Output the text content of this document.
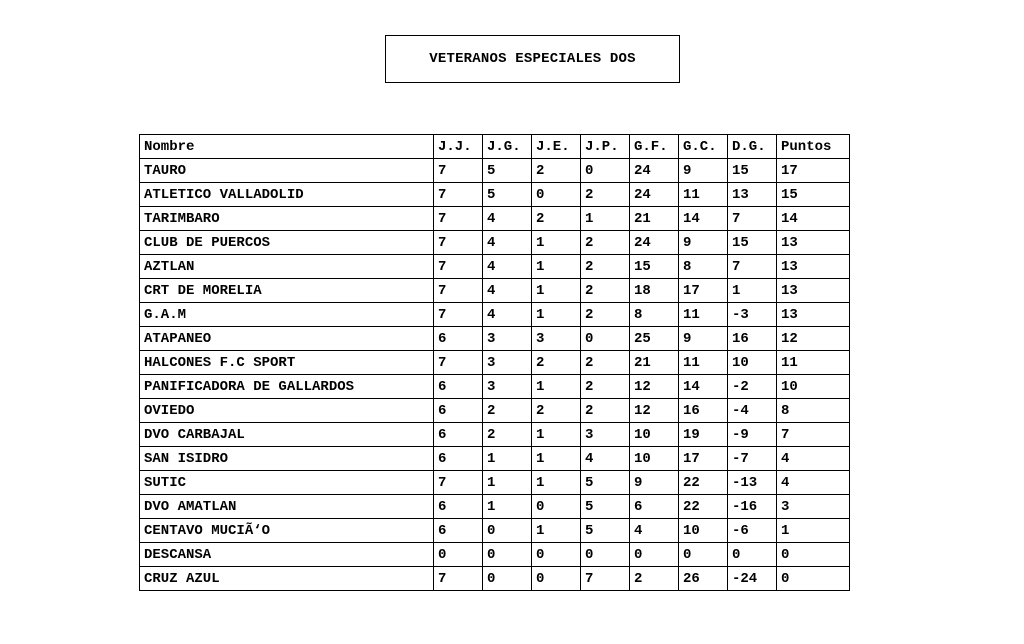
VETERANOS ESPECIALES DOS
Nombre	J.J.	J.G.	J.E.	J.P.	G.F.	G.C.	D.G.	Puntos
TAURO	7	5	2	0	24	9	15	17
ATLETICO VALLADOLID	7	5	0	2	24	11	13	15
TARIMBARO	7	4	2	1	21	14	7	14
CLUB DE PUERCOS	7	4	1	2	24	9	15	13
AZTLAN	7	4	1	2	15	8	7	13
CRT DE MORELIA	7	4	1	2	18	17	1	13
G.A.M	7	4	1	2	8	11	-3	13
ATAPANEO	6	3	3	0	25	9	16	12
HALCONES F.C SPORT	7	3	2	2	21	11	10	11
PANIFICADORA DE GALLARDOS	6	3	1	2	12	14	-2	10
OVIEDO	6	2	2	2	12	16	-4	8
DVO CARBAJAL	6	2	1	3	10	19	-9	7
SAN ISIDRO	6	1	1	4	10	17	-7	4
SUTIC	7	1	1	5	9	22	-13	4
DVO AMATLAN	6	1	0	5	6	22	-16	3
CENTAVO MUCIÃ‘O	6	0	1	5	4	10	-6	1
DESCANSA	0	0	0	0	0	0	0	0
CRUZ AZUL	7	0	0	7	2	26	-24	0
